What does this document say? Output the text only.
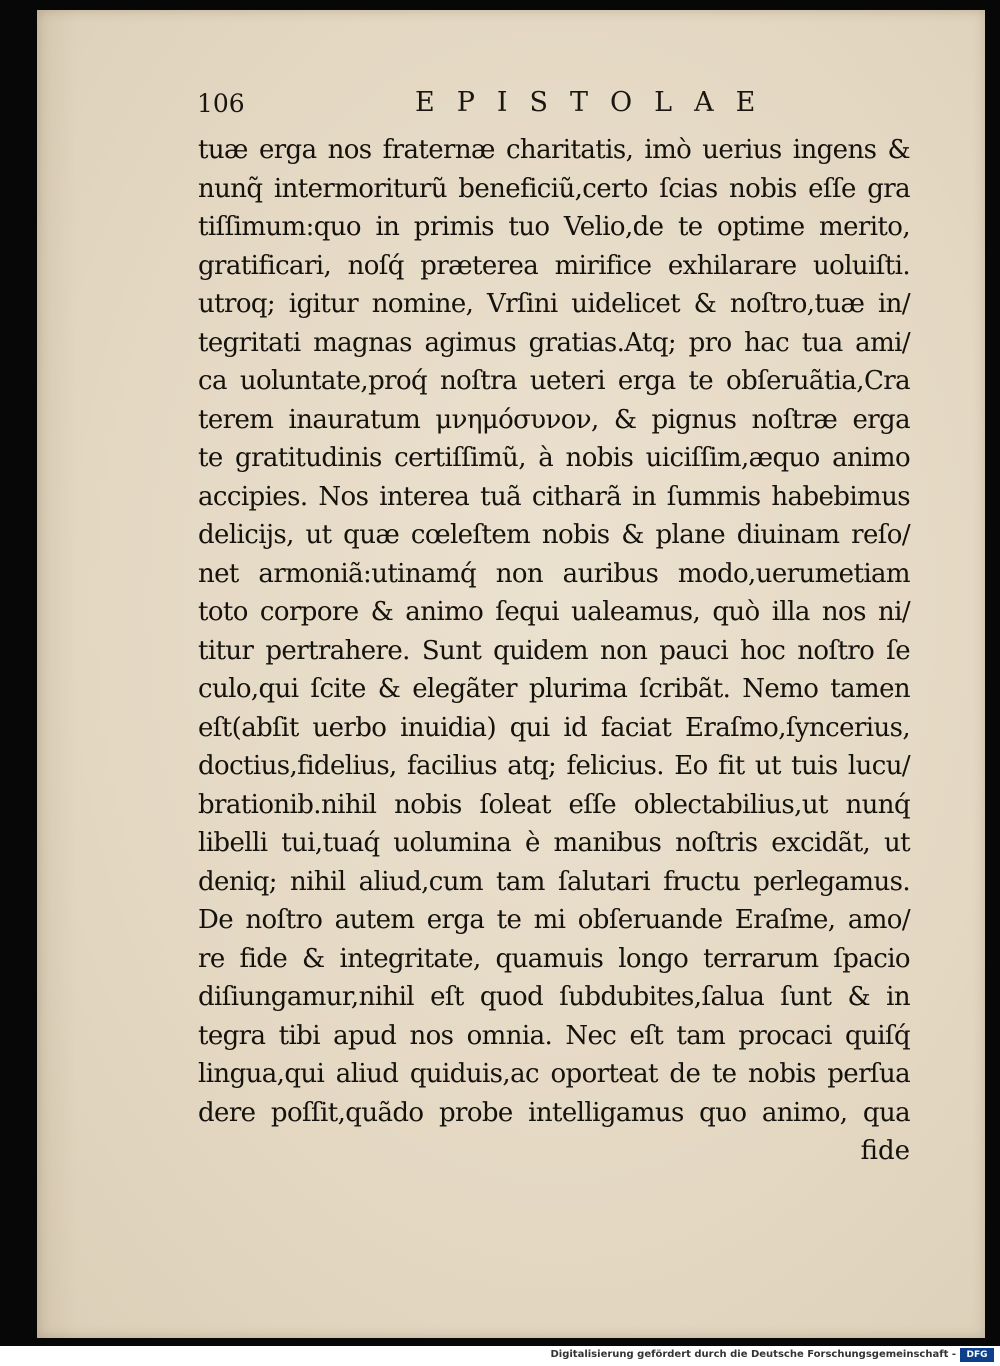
106	EPISTOLAE
tuæ erga nos fraternæ charitatis, imò uerius ingens &
nunq̃ intermoriturũ beneficiũ,certo ſcias nobis eſſe gra
tiſſimum:quo in primis tuo Velio,de te optime merito,
gratificari, noſq́ præterea mirifice exhilarare uoluiſti.
utroq; igitur nomine, Vrſini uidelicet & noſtro,tuæ in/
tegritati magnas agimus gratias.Atq; pro hac tua ami/
ca uoluntate,proq́ noſtra ueteri erga te obſeruãtia,Cra
terem inauratum μνημόσυνον, & pignus noſtræ erga
te gratitudinis certiſſimũ, à nobis uiciſſim,æquo animo
accipies. Nos interea tuã citharã in ſummis habebimus
delicijs, ut quæ cœleſtem nobis & plane diuinam reſo/
net armoniã:utinamq́ non auribus modo,uerumetiam
toto corpore & animo ſequi ualeamus, quò illa nos ni/
titur pertrahere. Sunt quidem non pauci hoc noſtro ſe
culo,qui ſcite & elegãter plurima ſcribãt. Nemo tamen
eſt(abſit uerbo inuidia) qui id faciat Eraſmo,ſyncerius,
doctius,fidelius, facilius atq; felicius. Eo fit ut tuis lucu/
brationib.nihil nobis ſoleat eſſe oblectabilius,ut nunq́
libelli tui,tuaq́ uolumina è manibus noſtris excidãt, ut
deniq; nihil aliud,cum tam ſalutari fructu perlegamus.
De noſtro autem erga te mi obſeruande Eraſme, amo/
re fide & integritate, quamuis longo terrarum ſpacio
diſiungamur,nihil eſt quod ſubdubites,ſalua ſunt & in
tegra tibi apud nos omnia. Nec eſt tam procaci quiſq́
lingua,qui aliud quiduis,ac oporteat de te nobis perſua
dere poſſit,quãdo probe intelligamus quo animo, qua
fide
Digitalisierung gefördert durch die Deutsche Forschungsgemeinschaft -	DFG
